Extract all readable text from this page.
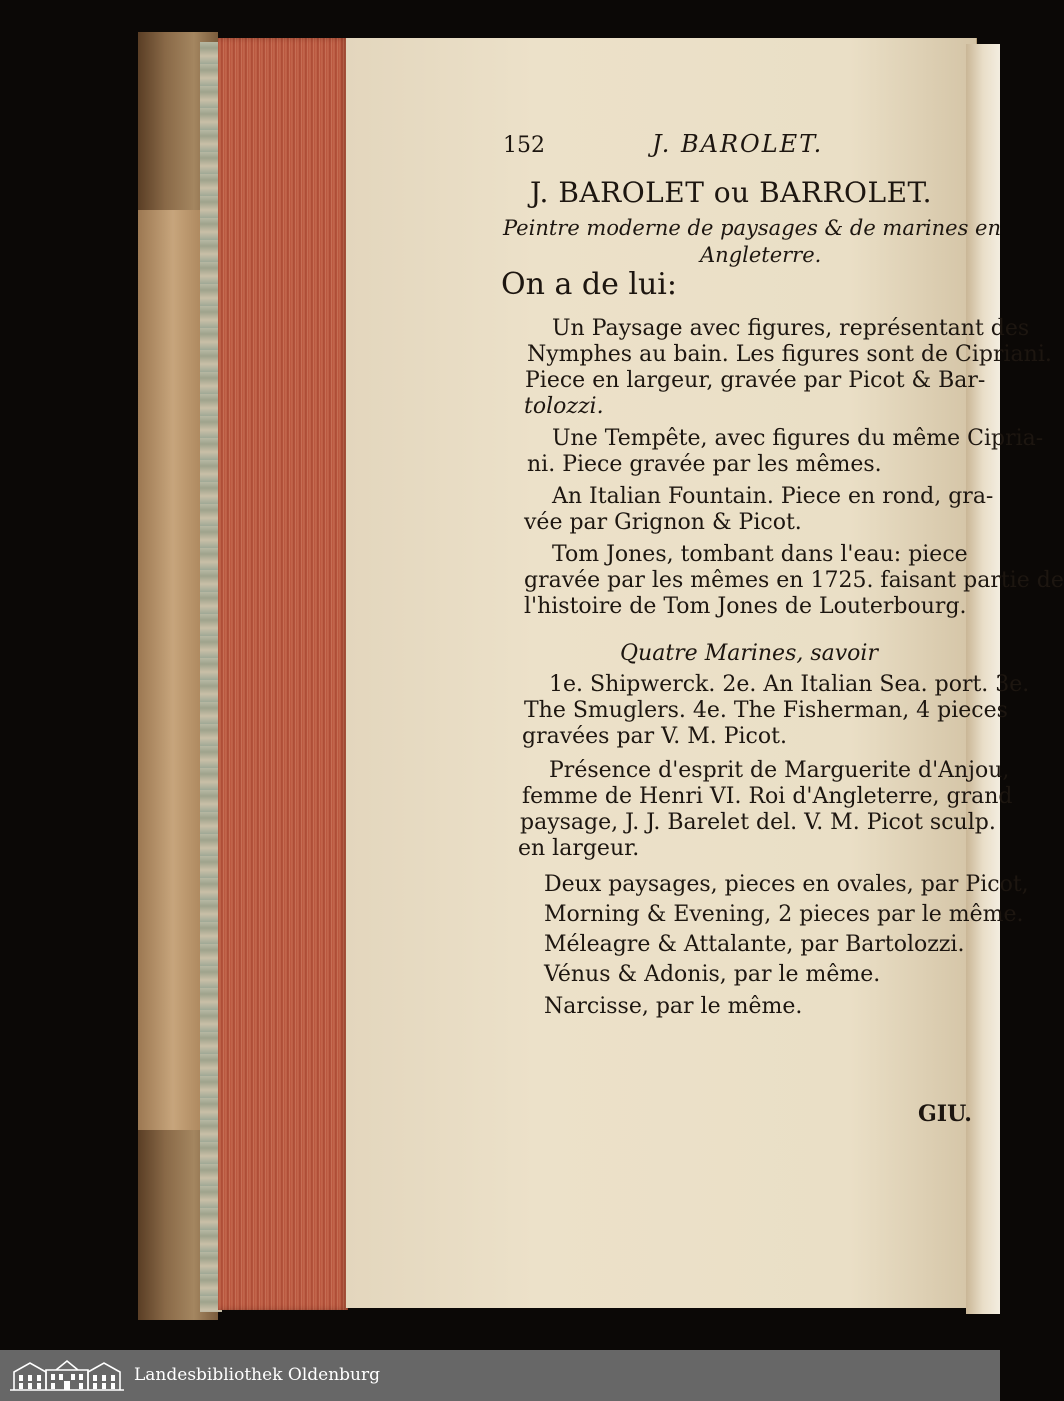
152	J. BAROLET.
J. BAROLET ou BARROLET.
Peintre moderne de paysages & de marines en
Angleterre.
On a de lui:
Un Paysage avec figures, représentant des
Nymphes au bain. Les figures sont de Cipriani.
Piece en largeur, gravée par Picot & Bar-
tolozzi.
Une Tempête, avec figures du même Cipria-
ni. Piece gravée par les mêmes.
An Italian Fountain. Piece en rond, gra-
vée par Grignon & Picot.
Tom Jones, tombant dans l'eau: piece
gravée par les mêmes en 1725. faisant partie de
l'histoire de Tom Jones de Louterbourg.
Quatre Marines, savoir
1e. Shipwerck. 2e. An Italian Sea. port. 3e.
The Smuglers. 4e. The Fisherman, 4 pieces
gravées par V. M. Picot.
Présence d'esprit de Marguerite d'Anjou,
femme de Henri VI. Roi d'Angleterre, grand
paysage, J. J. Barelet del. V. M. Picot sculp.
en largeur.
Deux paysages, pieces en ovales, par Picot,
Morning & Evening, 2 pieces par le même.
Méleagre & Attalante, par Bartolozzi.
Vénus & Adonis, par le même.
Narcisse, par le même.
GIU.
Landesbibliothek Oldenburg
